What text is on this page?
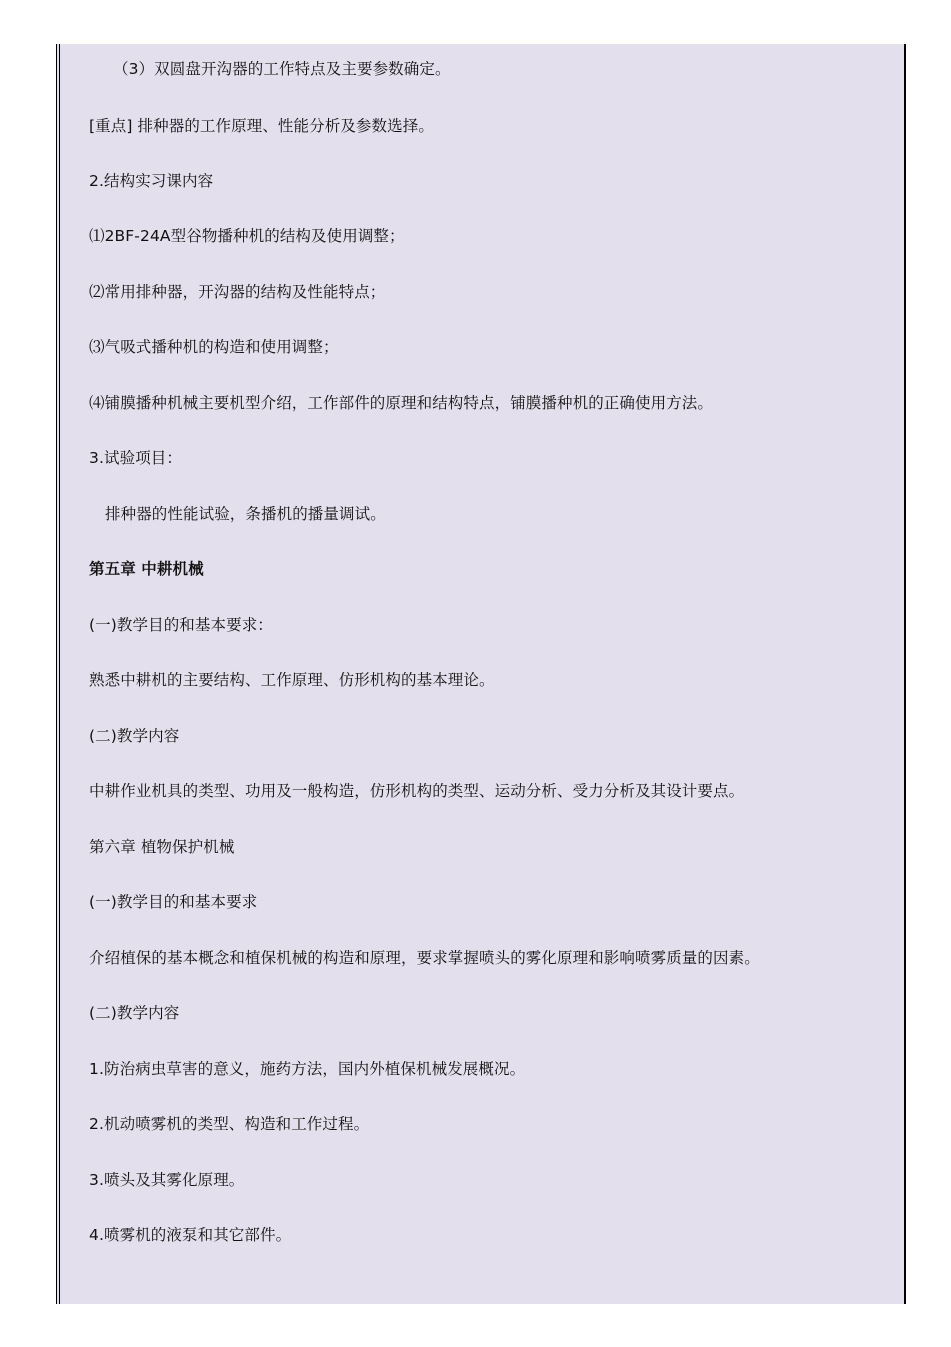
（3）双圆盘开沟器的工作特点及主要参数确定。
[重点] 排种器的工作原理、性能分析及参数选择。
2.结构实习课内容
⑴2BF-24A型谷物播种机的结构及使用调整；
⑵常用排种器，开沟器的结构及性能特点；
⑶气吸式播种机的构造和使用调整；
⑷铺膜播种机械主要机型介绍，工作部件的原理和结构特点，铺膜播种机的正确使用方法。
3.试验项目：
排种器的性能试验，条播机的播量调试。
第五章 中耕机械
(一)教学目的和基本要求：
熟悉中耕机的主要结构、工作原理、仿形机构的基本理论。
(二)教学内容
中耕作业机具的类型、功用及一般构造，仿形机构的类型、运动分析、受力分析及其设计要点。
第六章 植物保护机械
(一)教学目的和基本要求
介绍植保的基本概念和植保机械的构造和原理，要求掌握喷头的雾化原理和影响喷雾质量的因素。
(二)教学内容
1.防治病虫草害的意义，施药方法，国内外植保机械发展概况。
2.机动喷雾机的类型、构造和工作过程。
3.喷头及其雾化原理。
4.喷雾机的液泵和其它部件。
